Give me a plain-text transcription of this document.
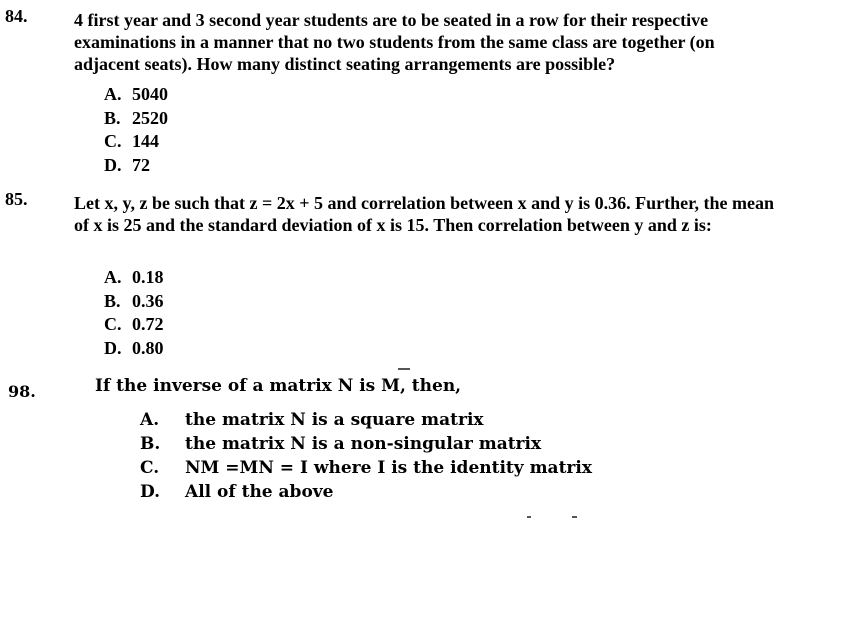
84.	4 first year and 3 second year students are to be seated in a row for their respective examinations in a manner that no two students from the same class are together (on adjacent seats). How many distinct seating arrangements are possible?

A. 5040
B. 2520
C. 144
D. 72
85.	Let x, y, z be such that z = 2x + 5 and correlation between x and y is 0.36. Further, the mean of x is 25 and the standard deviation of x is 15. Then correlation between y and z is:

A. 0.18
B. 0.36
C. 0.72
D. 0.80
98.	If the inverse of a matrix N is M, then,

A. the matrix N is a square matrix
B. the matrix N is a non-singular matrix
C. NM =MN = I where I is the identity matrix
D. All of the above
